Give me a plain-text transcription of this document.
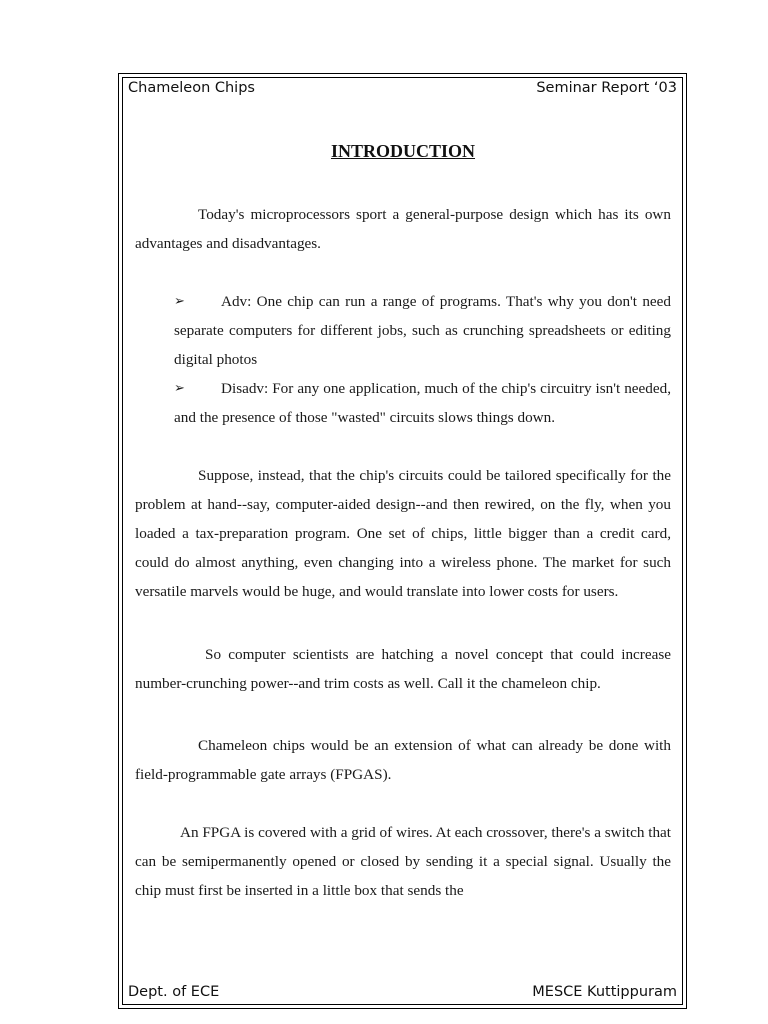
Chameleon Chips	Seminar Report ‘03
INTRODUCTION

Today's microprocessors sport a general-purpose design which has its own advantages and disadvantages.

➢	Adv: One chip can run a range of programs. That's why you don't need separate computers for different jobs, such as crunching spreadsheets or editing digital photos
➢	Disadv: For any one application, much of the chip's circuitry isn't needed, and the presence of those "wasted" circuits slows things down.

Suppose, instead, that the chip's circuits could be tailored specifically for the problem at hand--say, computer-aided design--and then rewired, on the fly, when you loaded a tax-preparation program. One set of chips, little bigger than a credit card, could do almost anything, even changing into a wireless phone. The market for such versatile marvels would be huge, and would translate into lower costs for users.

So computer scientists are hatching a novel concept that could increase number-crunching power--and trim costs as well. Call it the chameleon chip.

Chameleon chips would be an extension of what can already be done with field-programmable gate arrays (FPGAS).

An FPGA is covered with a grid of wires. At each crossover, there's a switch that can be semipermanently opened or closed by sending it a special signal. Usually the chip must first be inserted in a little box that sends the

Dept. of ECE	MESCE Kuttippuram
